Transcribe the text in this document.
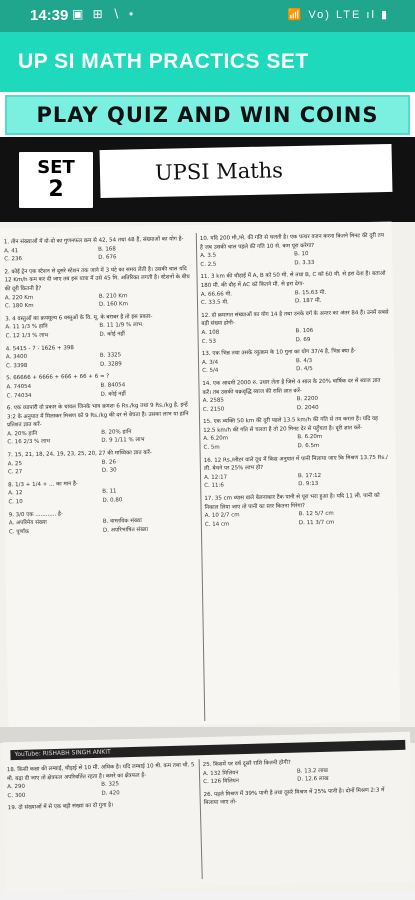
14:39 ▣ ⊞ ∖ •	📶 Vo) LTE ıl ▮
UP SI MATH PRACTICS SET
PLAY QUIZ AND WIN COINS
SET
2
UPSI Maths
1. तीन संख्याओं में दो-दो का गुणनफल क्रम से 42, 54 तथा 48 है, संख्याओं का योग है-
A. 41	B. 168
C. 236	D. 676
2. कोई ट्रेन एक स्टेशन से दूसरे स्टेशन तक जाने में 3 घंटे का समय लेती है। उसकी चाल यदि 12 Km/h कम कर दी जाए तब इस यात्रा में उसे 45 मि. अतिरिक्त लगती है। स्टेशनों के बीच की दूरी कितनी है?
A. 220 Km	B. 210 Km
C. 180 Km	D. 160 Km
3. 4 वस्तुओं का क्रयमूल्य 6 वस्तुओं के वि. मू. के बराबर है तो इस प्रकार-
A. 11 1/3 % हानि	B. 11 1/9 % लाभ
C. 12 1/3 % लाभ	D. कोई नहीं
4. 5415 - 7 - 1626 + 398
A. 3400	B. 3325
C. 3398	D. 3289
5. 66666 + 6666 + 666 + 66 + 6 = ?
A. 74054	B. 84054
C. 74034	D. कोई नहीं
6. एक व्यापारी दो प्रकार के चावल जिनके भाव क्रमशः 6 Rs./kg तथा 9 Rs./kg है, इन्हें 3:2 के अनुपात में मिलाकर मिश्रण को 9 Rs./kg की दर से बेचता है। उसका लाभ या हानि प्रतिशत ज्ञात करें-
A. 20% हानि	B. 20% हानि
C. 16 2/3 % लाभ	D. 9 1/11 % लाभ
7. 15, 21, 18, 24, 19, 23, 25, 20, 27 की माध्यिका ज्ञात करें-
A. 25	B. 26
C. 27	D. 30
8. 1/3 + 1/4 + ... का मान है-
A. 12	B. 11
C. 10	D. 0.80
9. 3/0 एक ............ है-
A. अपरिमेय संख्या	B. वास्तविक संख्या
C. पूर्णांक	D. अपरिभाषित संख्या
10. यदि 200 मी./से. की गति से चलती है। एक पत्थर वजन करना कितने मिनट की दूरी तय है जब उसकी चाल पहले की गति 10 से. कम पूरा करेगा?
A. 3.5	B. 10
C. 2.5	D. 3.33
11. 3 km की चौड़ाई में A, B को 50 मी. से तथा B, C को 60 मी. से हरा देता है। बताओ 180 मी. की दौड़ में AC को कितने मी. से हरा देगा-
A. 66.66 मी.	B. 15.63 मी.
C. 33.5 मी.	D. 187 मी.
12. दो क्रमागत संख्याओं का योग 14 है तथा उनके वर्ग के अन्तर का अंतर 84 है। उनमें सबसे बड़ी संख्या होगी-
A. 108	B. 106
C. 53	D. 69
13. एक भिन्न तथा उसके व्युत्क्रम के 10 गुना का योग 37/4 है, भिन्न क्या है-
A. 3/4	B. 4/3
C. 5/4	D. 4/5
14. एक आदमी 2000 रु. उधार लेता है जिसे 4 साल के 20% वार्षिक दर से ब्याज ज्ञात करें। तब उसकी चक्रवृद्धि ब्याज की राशि ज्ञात करें-
A. 2585	B. 2200
C. 2150	D. 2040
15. एक व्यक्ति 50 km की दूरी पहले 13.5 km/h की गति से तय करता है। यदि वह 12.5 km/h की गति से चलता है तो 20 मिनट देर से पहुँचता है। दूरी ज्ञात करें-
A. 6.20m	B. 6.20m
C. 5m	D. 6.5m
16. 12 Rs./लीटर वाले दूध में किस अनुपात में पानी मिलाया जाए कि मिश्रण 13.75 Rs./ली. बेचने पर 25% लाभ हो?
A. 12:17	B. 17:12
C. 11:6	D. 9:13
17. 35 cm व्यास वाले बेलनाकार टैंक पानी से पूरा भरा हुआ है। यदि 11 ली. पानी को निकाल लिया जाए तो पानी का स्तर कितना गिरेगा?
A. 10 2/7 cm	B. 12 5/7 cm
C. 14 cm	D. 11 3/7 cm
YouTube: RISHABH SINGH ANKIT
18. किसी कक्षा की लम्बाई, चौड़ाई से 10 मी. अधिक है। यदि लम्बाई 10 मी. कम तथा चौ. 5 मी. बढ़ा दी जाए तो क्षेत्रफल अपरिवर्तित रहता है। कमरे का क्षेत्रफल है-
A. 290	B. 325
C. 300	D. 420
19. दो संख्याओं में से एक बड़ी संख्या का दो गुना है।
25. किसमें पर वर्ष दूसरे राशि कितनी होगी?
A. 132 मिलियन	B. 13.2 लाख
C. 126 मिलियन	D. 12.6 लाख
26. पहले मिश्रण में 39% पानी है तथा दूसरे मिश्रण में 25% पानी है। दोनों मिश्रण 2:3 में मिलाया जाए तो-
